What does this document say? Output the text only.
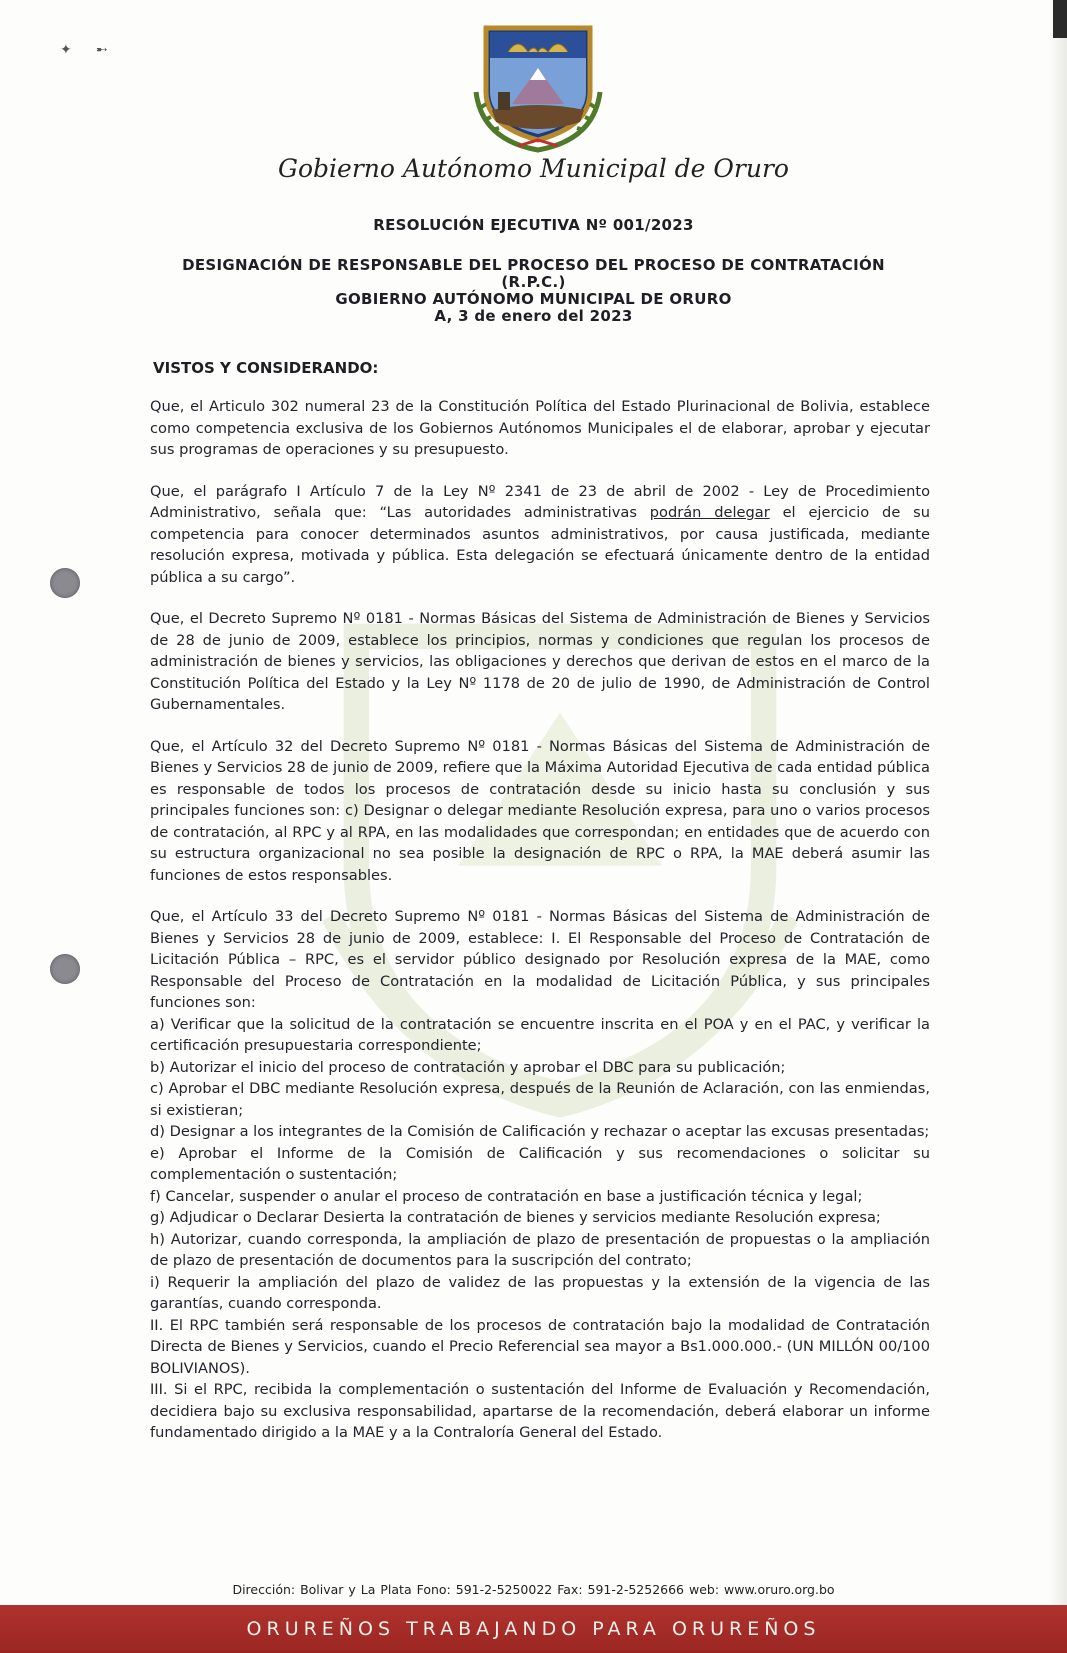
✦ ➸
Gobierno Autónomo Municipal de Oruro
RESOLUCIÓN EJECUTIVA Nº 001/2023
DESIGNACIÓN DE RESPONSABLE DEL PROCESO DEL PROCESO DE CONTRATACIÓN
(R.P.C.)
GOBIERNO AUTÓNOMO MUNICIPAL DE ORURO
A, 3 de enero del 2023
VISTOS Y CONSIDERANDO:

Que, el Articulo 302 numeral 23 de la Constitución Política del Estado Plurinacional de Bolivia, establece como competencia exclusiva de los Gobiernos Autónomos Municipales el de elaborar, aprobar y ejecutar sus programas de operaciones y su presupuesto.

Que, el parágrafo I Artículo 7 de la Ley Nº 2341 de 23 de abril de 2002 - Ley de Procedimiento Administrativo, señala que: “Las autoridades administrativas podrán delegar el ejercicio de su competencia para conocer determinados asuntos administrativos, por causa justificada, mediante resolución expresa, motivada y pública. Esta delegación se efectuará únicamente dentro de la entidad pública a su cargo”.

Que, el Decreto Supremo Nº 0181 - Normas Básicas del Sistema de Administración de Bienes y Servicios de 28 de junio de 2009, establece los principios, normas y condiciones que regulan los procesos de administración de bienes y servicios, las obligaciones y derechos que derivan de estos en el marco de la Constitución Política del Estado y la Ley Nº 1178 de 20 de julio de 1990, de Administración de Control Gubernamentales.

Que, el Artículo 32 del Decreto Supremo Nº 0181 - Normas Básicas del Sistema de Administración de Bienes y Servicios 28 de junio de 2009, refiere que la Máxima Autoridad Ejecutiva de cada entidad pública es responsable de todos los procesos de contratación desde su inicio hasta su conclusión y sus principales funciones son: c) Designar o delegar mediante Resolución expresa, para uno o varios procesos de contratación, al RPC y al RPA, en las modalidades que correspondan; en entidades que de acuerdo con su estructura organizacional no sea posible la designación de RPC o RPA, la MAE deberá asumir las funciones de estos responsables.

Que, el Artículo 33 del Decreto Supremo Nº 0181 - Normas Básicas del Sistema de Administración de Bienes y Servicios 28 de junio de 2009, establece: I. El Responsable del Proceso de Contratación de Licitación Pública – RPC, es el servidor público designado por Resolución expresa de la MAE, como Responsable del Proceso de Contratación en la modalidad de Licitación Pública, y sus principales funciones son:

a) Verificar que la solicitud de la contratación se encuentre inscrita en el POA y en el PAC, y verificar la certificación presupuestaria correspondiente;

b) Autorizar el inicio del proceso de contratación y aprobar el DBC para su publicación;

c) Aprobar el DBC mediante Resolución expresa, después de la Reunión de Aclaración, con las enmiendas, si existieran;

d) Designar a los integrantes de la Comisión de Calificación y rechazar o aceptar las excusas presentadas;

e) Aprobar el Informe de la Comisión de Calificación y sus recomendaciones o solicitar su complementación o sustentación;

f) Cancelar, suspender o anular el proceso de contratación en base a justificación técnica y legal;

g) Adjudicar o Declarar Desierta la contratación de bienes y servicios mediante Resolución expresa;

h) Autorizar, cuando corresponda, la ampliación de plazo de presentación de propuestas o la ampliación de plazo de presentación de documentos para la suscripción del contrato;

i) Requerir la ampliación del plazo de validez de las propuestas y la extensión de la vigencia de las garantías, cuando corresponda.

II. El RPC también será responsable de los procesos de contratación bajo la modalidad de Contratación Directa de Bienes y Servicios, cuando el Precio Referencial sea mayor a Bs1.000.000.- (UN MILLÓN 00/100 BOLIVIANOS).

III. Si el RPC, recibida la complementación o sustentación del Informe de Evaluación y Recomendación, decidiera bajo su exclusiva responsabilidad, apartarse de la recomendación, deberá elaborar un informe fundamentado dirigido a la MAE y a la Contraloría General del Estado.

Dirección: Bolivar y La Plata Fono: 591-2-5250022 Fax: 591-2-5252666 web: www.oruro.org.bo
ORUREÑOS TRABAJANDO PARA ORUREÑOS
